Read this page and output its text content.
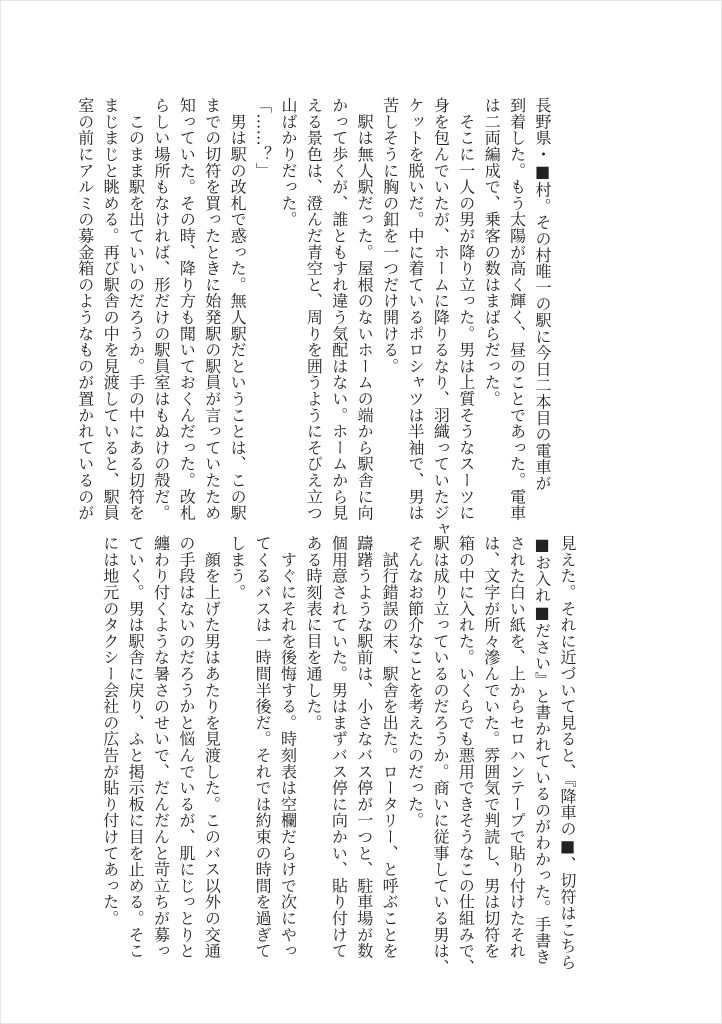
長野県・■村。その村唯一の駅に今日二本目の電車が
到着した。もう太陽が高く輝く、昼のことであった。電車
は二両編成で、乗客の数はまばらだった。
　そこに一人の男が降り立った。男は上質そうなスーツに
身を包んでいたが、ホームに降りるなり、羽織っていたジャ
ケットを脱いだ。中に着ているポロシャツは半袖で、男は
苦しそうに胸の釦を一つだけ開ける。
　駅は無人駅だった。屋根のないホームの端から駅舎に向
かって歩くが、誰ともすれ違う気配はない。ホームから見
える景色は、澄んだ青空と、周りを囲うようにそびえ立つ
山ばかりだった。
「……？」
　男は駅の改札で惑った。無人駅だということは、この駅
までの切符を買ったときに始発駅の駅員が言っていたため
知っていた。その時、降り方も聞いておくんだった。改札
らしい場所もなければ、形だけの駅員室はもぬけの殻だ。
　このまま駅を出ていいのだろうか。手の中にある切符を
まじまじと眺める。再び駅舎の中を見渡していると、駅員
室の前にアルミの募金箱のようなものが置かれているのが
見えた。それに近づいて見ると、『降車の■、切符はこちら
■お入れ■ださい』と書かれているのがわかった。手書き
された白い紙を、上からセロハンテープで貼り付けたそれ
は、文字が所々滲んでいた。雰囲気で判読し、男は切符を
箱の中に入れた。いくらでも悪用できそうなこの仕組みで、
駅は成り立っているのだろうか。商いに従事している男は、
そんなお節介なことを考えたのだった。
　試行錯誤の末、駅舎を出た。ロータリー、と呼ぶことを
躊躇うような駅前は、小さなバス停が一つと、駐車場が数
個用意されていた。男はまずバス停に向かい、貼り付けて
ある時刻表に目を通した。
　すぐにそれを後悔する。時刻表は空欄だらけで次にやっ
てくるバスは一時間半後だ。それでは約束の時間を過ぎて
しまう。
　顔を上げた男はあたりを見渡した。このバス以外の交通
の手段はないのだろうかと悩んでいるが、肌にじっとりと
纏わり付くような暑さのせいで、だんだんと苛立ちが募っ
ていく。男は駅舎に戻り、ふと掲示板に目を止める。そこ
には地元のタクシー会社の広告が貼り付けてあった。
